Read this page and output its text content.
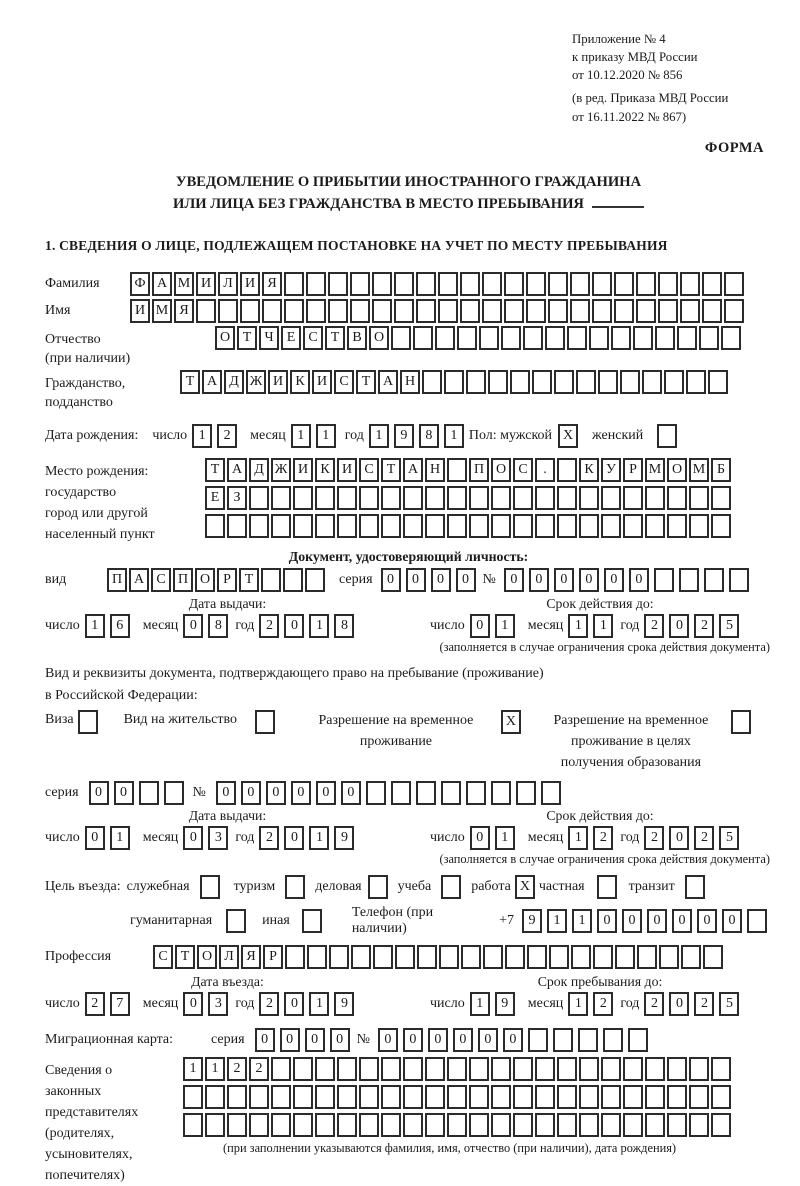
Приложение № 4
к приказу МВД России
от 10.12.2020 № 856
(в ред. Приказа МВД России
от 16.11.2022 № 867)
ФОРМА
УВЕДОМЛЕНИЕ О ПРИБЫТИИ ИНОСТРАННОГО ГРАЖДАНИНА
ИЛИ ЛИЦА БЕЗ ГРАЖДАНСТВА В МЕСТО ПРЕБЫВАНИЯ
1. СВЕДЕНИЯ О ЛИЦЕ, ПОДЛЕЖАЩЕМ ПОСТАНОВКЕ НА УЧЕТ ПО МЕСТУ ПРЕБЫВАНИЯ
Фамилия	Ф А М И Л И Я
Имя	И М Я
Отчество
(при наличии)
О Т Ч Е С Т В О
Гражданство,
подданство
Т А Д Ж И К И С Т А Н
Дата рождения: число 1	2	месяц 1	1	год 1	9	8	1 Пол: мужской X	женский
Место рождения:
государство
город или другой
населенный пункт
Т А Д Ж И К И С Т А Н	П О С	.	К У Р М О М Б
Е	З
Документ, удостоверяющий личность:
вид	П А С П О Р Т	серия	0	0	0	0 №	0	0	0	0	0	0
Дата выдачи:
число 1	6	месяц 0	8 год 2	0	1	8
Срок действия до:
число 0	1	месяц 1	1 год 2	0	2	5
(заполняется в случае ограничения срока действия документа)
Вид и реквизиты документа, подтверждающего право на пребывание (проживание)
в Российской Федерации:
Виза	Вид на жительство	Разрешение на временное
проживание
X	Разрешение на временное
проживание в целях
получения образования
серия	0	0	№	0	0	0	0	0	0
Дата выдачи:
число 0	1	месяц 0	3 год 2	0	1	9
Срок действия до:
число 0	1	месяц 1	2 год 2	0	2	5
(заполняется в случае ограничения срока действия документа)
Цель въезда: служебная	туризм	деловая	учеба	работа X частная	транзит
гуманитарная	иная
Телефон (при наличии)
+7	9	1	1	0	0	0	0	0	0
Профессия	С Т О Л Я Р
Дата въезда:
число 2	7	месяц 0	3 год 2	0	1	9
Срок пребывания до:
число 1	9	месяц 1	2 год 2	0	2	5
Миграционная карта:	серия	0	0	0	0 №	0	0	0	0	0	0
Сведения о
законных
представителях
(родителях,
усыновителях,
попечителях)
1	1	2	2
(при заполнении указываются фамилия, имя, отчество (при наличии), дата рождения)
